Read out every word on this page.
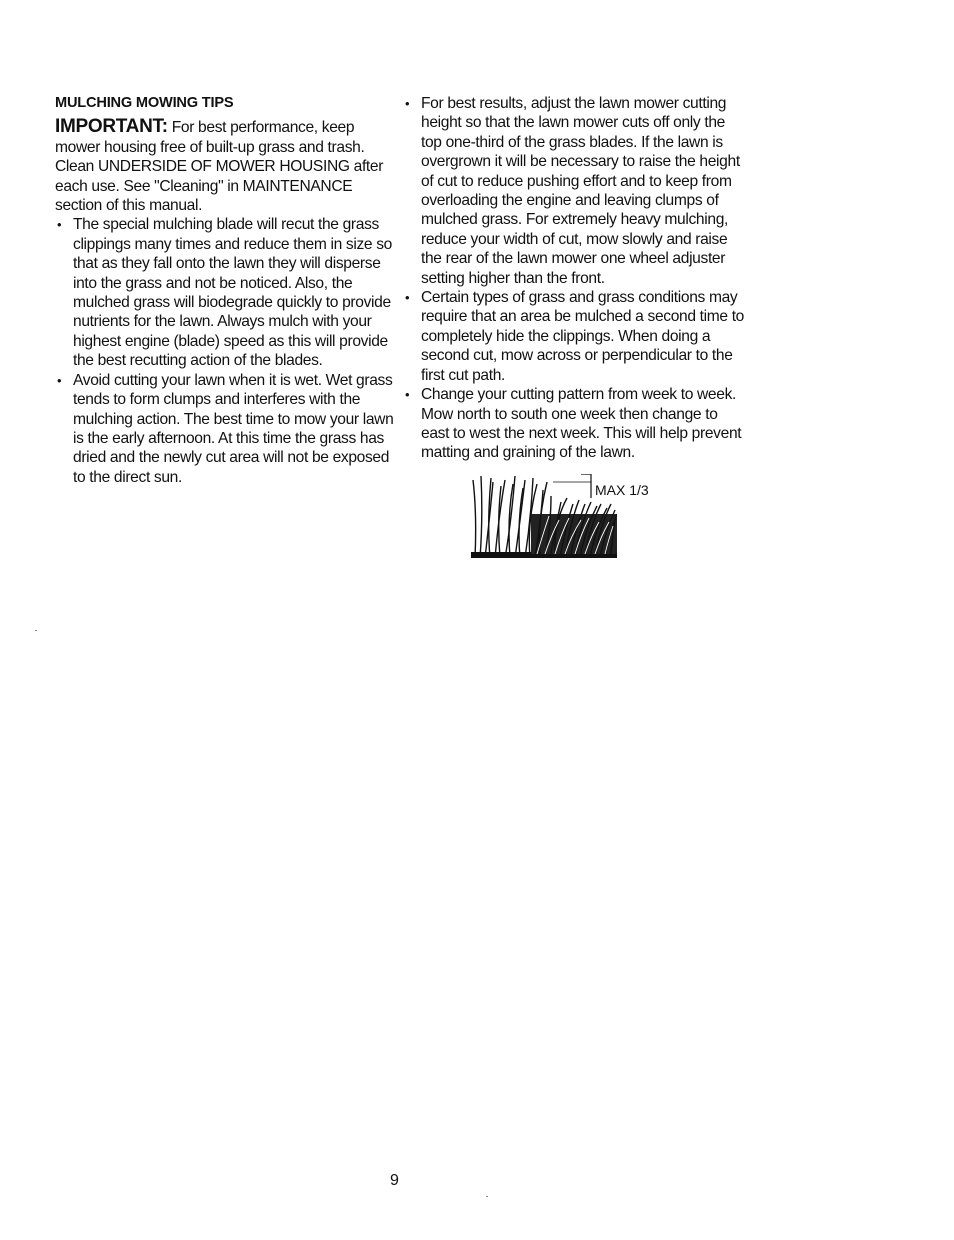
MULCHING MOWING TIPS

IMPORTANT: For best performance, keep mower housing free of built-up grass and trash. Clean UNDERSIDE OF MOWER HOUSING after each use. See "Cleaning" in MAINTENANCE section of this manual.

• The special mulching blade will recut the grass clippings many times and reduce them in size so that as they fall onto the lawn they will disperse into the grass and not be noticed. Also, the mulched grass will biodegrade quickly to provide nutrients for the lawn. Always mulch with your highest engine (blade) speed as this will provide the best recutting action of the blades.
• Avoid cutting your lawn when it is wet. Wet grass tends to form clumps and interferes with the mulching action. The best time to mow your lawn is the early afternoon. At this time the grass has dried and the newly cut area will not be exposed to the direct sun.
• For best results, adjust the lawn mower cutting height so that the lawn mower cuts off only the top one-third of the grass blades. If the lawn is overgrown it will be necessary to raise the height of cut to reduce pushing effort and to keep from overloading the engine and leaving clumps of mulched grass. For extremely heavy mulching, reduce your width of cut, mow slowly and raise the rear of the lawn mower one wheel adjuster setting higher than the front.
• Certain types of grass and grass conditions may require that an area be mulched a second time to completely hide the clippings. When doing a second cut, mow across or perpendicular to the first cut path.
• Change your cutting pattern from week to week. Mow north to south one week then change to east to west the next week. This will help prevent matting and graining of the lawn.
MAX 1/3
9
